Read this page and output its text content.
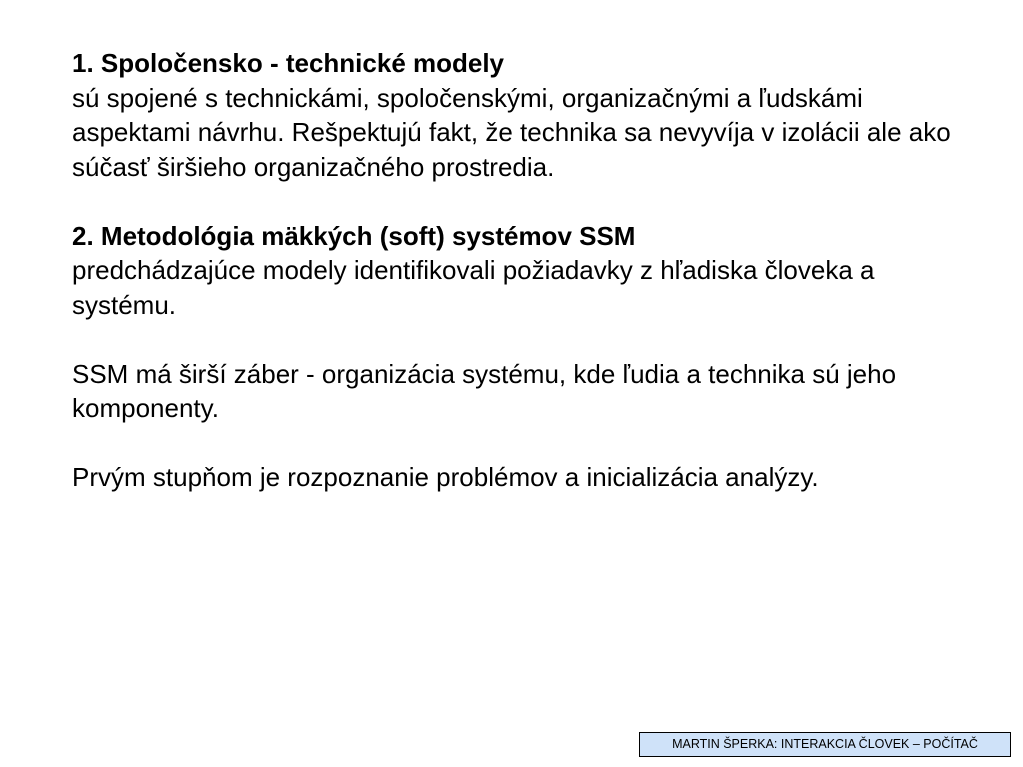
1. Spoločensko - technické modely
sú spojené s technickámi, spoločenskými, organizačnými a ľudskámi aspektami návrhu. Rešpektujú fakt, že technika sa nevyvíja v izolácii ale ako súčasť širšieho organizačného prostredia.
2. Metodológia mäkkých (soft) systémov SSM
predchádzajúce modely identifikovali požiadavky z hľadiska človeka a systému.
SSM má širší záber - organizácia systému, kde ľudia a technika sú jeho komponenty.
Prvým stupňom je rozpoznanie problémov a inicializácia analýzy.
MARTIN ŠPERKA: INTERAKCIA ČLOVEK – POČÍTAČ
